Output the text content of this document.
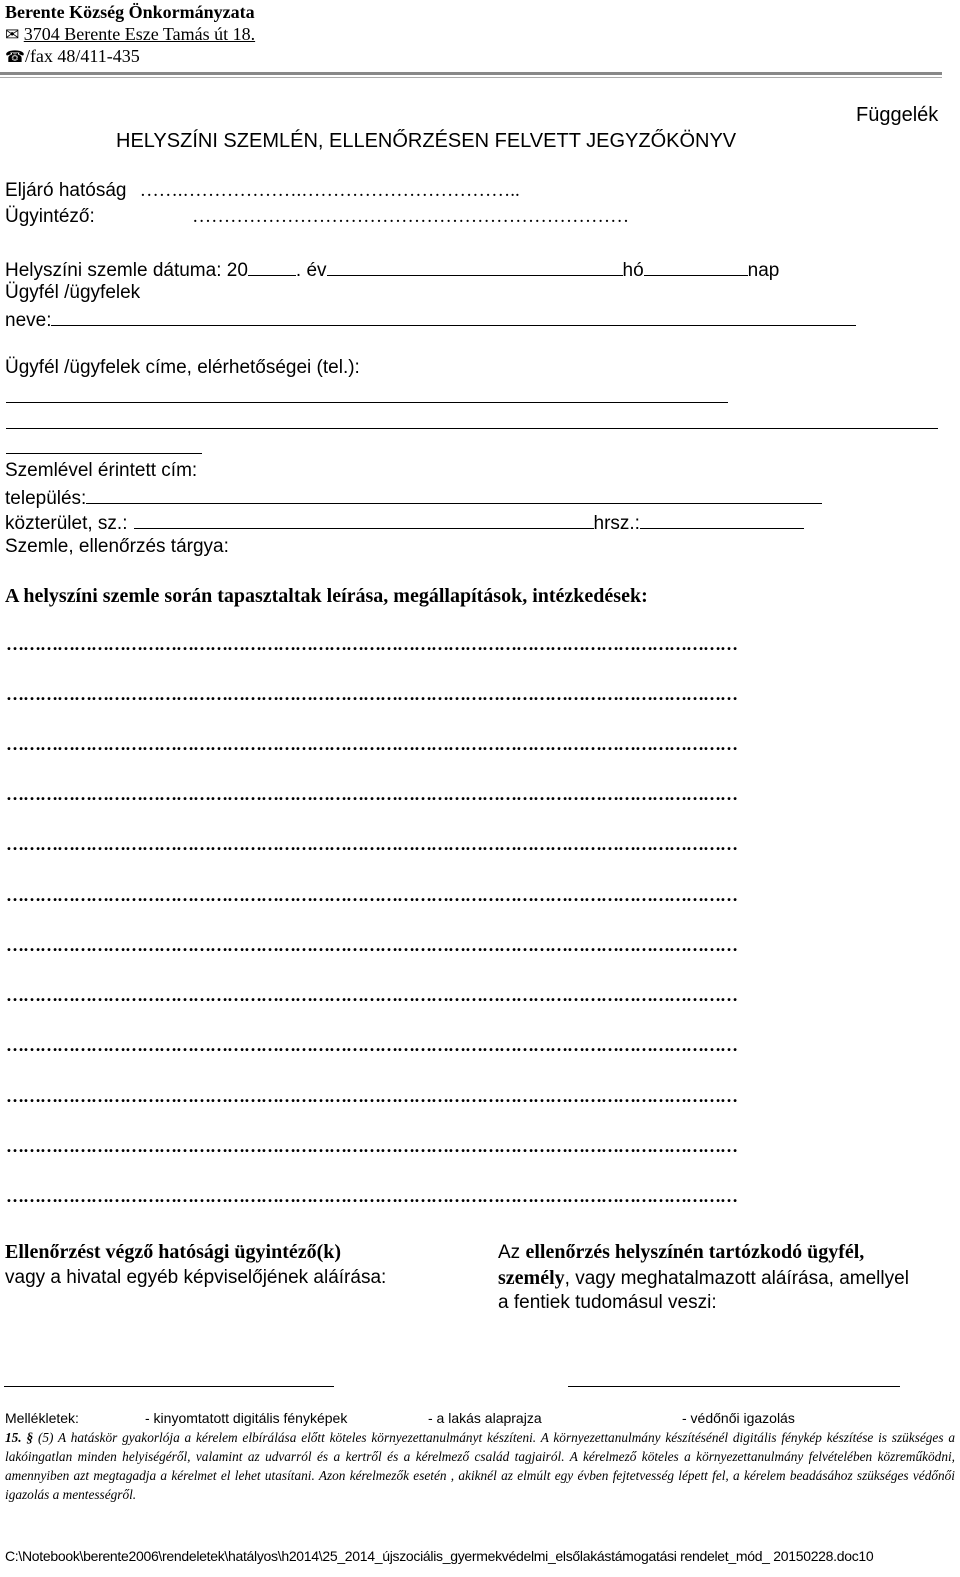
Berente Község Önkormányzata
✉ 3704 Berente Esze Tamás út 18.
☎/fax 48/411-435
Függelék
HELYSZÍNI SZEMLÉN, ELLENŐRZÉSEN FELVETT JEGYZŐKÖNYV
Eljáró hatóság …….……………….……………………………..
Ügyintéző:	……………………………………………………………
Helyszíni szemle dátuma: 20	. év	hó	nap
Ügyfél /ügyfelek
neve:
Ügyfél /ügyfelek címe, elérhetőségei (tel.):
Szemlével érintett cím:
település:
közterület, sz.:	hrsz.:
Szemle, ellenőrzés tárgya:
A helyszíni szemle során tapasztaltak leírása, megállapítások, intézkedések:
…………………………………………………………………………………………………………………
…………………………………………………………………………………………………………………
…………………………………………………………………………………………………………………
…………………………………………………………………………………………………………………
…………………………………………………………………………………………………………………
…………………………………………………………………………………………………………………
…………………………………………………………………………………………………………………
…………………………………………………………………………………………………………………
…………………………………………………………………………………………………………………
…………………………………………………………………………………………………………………
…………………………………………………………………………………………………………………
…………………………………………………………………………………………………………………
Ellenőrzést végző hatósági ügyintéző(k)
vagy a hivatal egyéb képviselőjének aláírása:
Az ellenőrzés helyszínén tartózkodó ügyfél,
személy, vagy meghatalmazott aláírása, amellyel
a fentiek tudomásul veszi:
Mellékletek:	- kinyomtatott digitális fényképek	- a lakás alaprajza	- védőnői igazolás
15. § (5) A hatáskör gyakorlója a kérelem elbírálása előtt köteles környezettanulmányt készíteni. A környezettanulmány készítésénél digitális fénykép készítése is szükséges a lakóingatlan minden helyiségéről, valamint az udvarról és a kertről és a kérelmező család tagjairól. A kérelmező köteles a környezettanulmány felvételében közreműködni, amennyiben azt megtagadja a kérelmet el lehet utasítani. Azon kérelmezők esetén , akiknél az elmúlt egy évben fejtetvesség lépett fel, a kérelem beadásához szükséges védőnői igazolás a mentességről.
C:\Notebook\berente2006\rendeletek\hatályos\h2014\25_2014_újszociális_gyermekvédelmi_elsőlakástámogatási rendelet_mód_ 20150228.doc10
